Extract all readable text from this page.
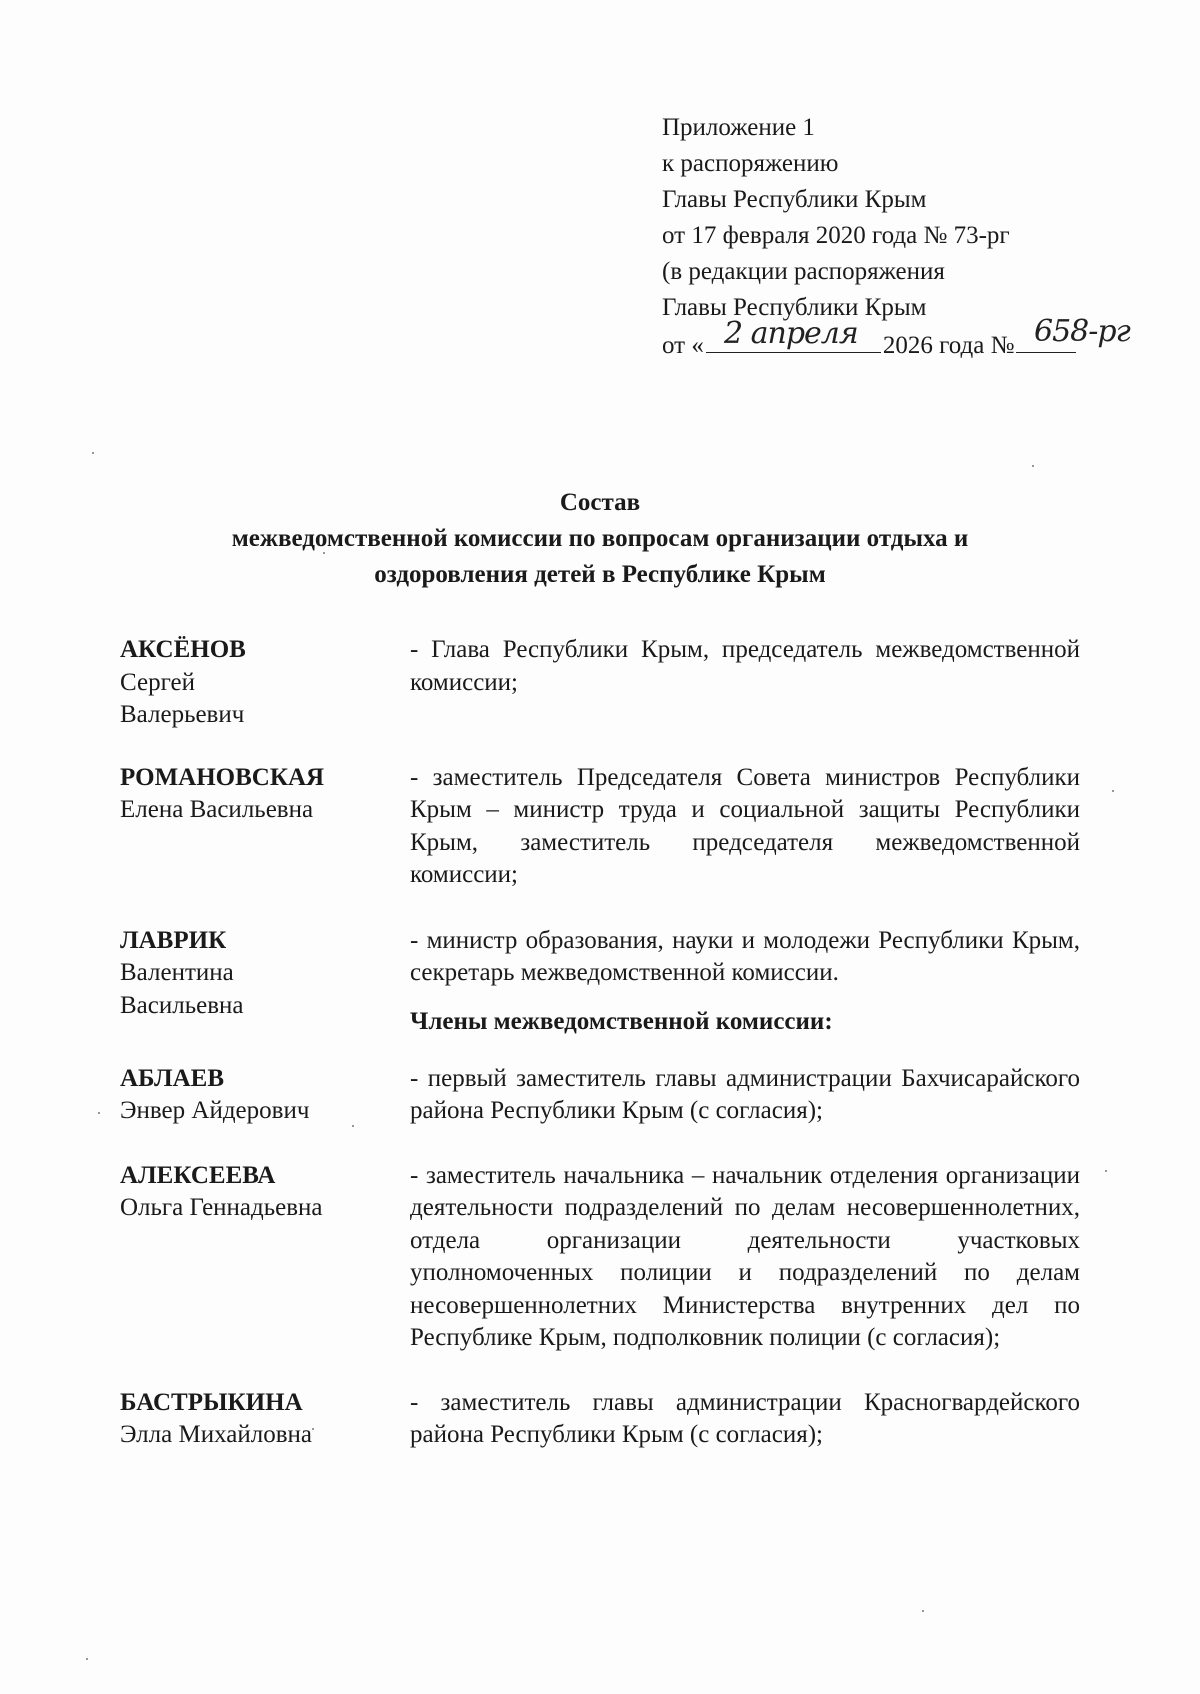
Приложение 1
к распоряжению
Главы Республики Крым
от 17 февраля 2020 года № 73-рг
(в редакции распоряжения
Главы Республики Крым
от «	2026 года №
2 апреля	658-рг
Состав
межведомственной комиссии по вопросам организации отдыха и
оздоровления детей в Республике Крым
АКСЁНОВ
Сергей Валерьевич
- Глава Республики Крым, председатель межведомственной комиссии;
РОМАНОВСКАЯ
Елена Васильевна
- заместитель Председателя Совета министров Республики Крым – министр труда и социальной защиты Республики Крым, заместитель председателя межведомственной комиссии;
ЛАВРИК
Валентина Васильевна
- министр образования, науки и молодежи Республики Крым, секретарь межведомственной комиссии.
Члены межведомственной комиссии:
АБЛАЕВ
Энвер Айдерович
- первый заместитель главы администрации Бахчисарайского района Республики Крым (с согласия);
АЛЕКСЕЕВА
Ольга Геннадьевна
- заместитель начальника – начальник отделения организации деятельности подразделений по делам несовершеннолетних, отдела организации деятельности участковых уполномоченных полиции и подразделений по делам несовершеннолетних Министерства внутренних дел по Республике Крым, подполковник полиции (с согласия);
БАСТРЫКИНА
Элла Михайловна
- заместитель главы администрации Красногвардейского района Республики Крым (с согласия);
